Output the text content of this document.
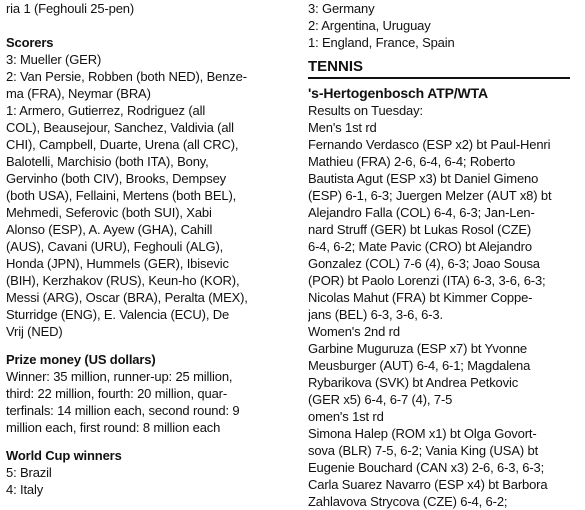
ria 1 (Feghouli 25-pen)
Scorers
3: Mueller (GER)
2: Van Persie, Robben (both NED), Benze-
ma (FRA), Neymar (BRA)
1: Armero, Gutierrez, Rodriguez (all
COL), Beausejour, Sanchez, Valdivia (all
CHI), Campbell, Duarte, Urena (all CRC),
Balotelli, Marchisio (both ITA), Bony,
Gervinho (both CIV), Brooks, Dempsey
(both USA), Fellaini, Mertens (both BEL),
Mehmedi, Seferovic (both SUI), Xabi
Alonso (ESP), A. Ayew (GHA), Cahill
(AUS), Cavani (URU), Feghouli (ALG),
Honda (JPN), Hummels (GER), Ibisevic
(BIH), Kerzhakov (RUS), Keun-ho (KOR),
Messi (ARG), Oscar (BRA), Peralta (MEX),
Sturridge (ENG), E. Valencia (ECU), De
Vrij (NED)
Prize money (US dollars)
Winner: 35 million, runner-up: 25 million,
third: 22 million, fourth: 20 million, quar-
terfinals: 14 million each, second round: 9
million each, first round: 8 million each
World Cup winners
5: Brazil
4: Italy
3: Germany
2: Argentina, Uruguay
1: England, France, Spain
TENNIS
's-Hertogenbosch ATP/WTA
Results on Tuesday:
Men's 1st rd
Fernando Verdasco (ESP x2) bt Paul-Henri
Mathieu (FRA) 2-6, 6-4, 6-4; Roberto
Bautista Agut (ESP x3) bt Daniel Gimeno
(ESP) 6-1, 6-3; Juergen Melzer (AUT x8) bt
Alejandro Falla (COL) 6-4, 6-3; Jan-Len-
nard Struff (GER) bt Lukas Rosol (CZE)
6-4, 6-2; Mate Pavic (CRO) bt Alejandro
Gonzalez (COL) 7-6 (4), 6-3; Joao Sousa
(POR) bt Paolo Lorenzi (ITA) 6-3, 3-6, 6-3;
Nicolas Mahut (FRA) bt Kimmer Coppe-
jans (BEL) 6-3, 3-6, 6-3.
Women's 2nd rd
Garbine Muguruza (ESP x7) bt Yvonne
Meusburger (AUT) 6-4, 6-1; Magdalena
Rybarikova (SVK) bt Andrea Petkovic
(GER x5) 6-4, 6-7 (4), 7-5
omen's 1st rd
Simona Halep (ROM x1) bt Olga Govort-
sova (BLR) 7-5, 6-2; Vania King (USA) bt
Eugenie Bouchard (CAN x3) 2-6, 6-3, 6-3;
Carla Suarez Navarro (ESP x4) bt Barbora
Zahlavova Strycova (CZE) 6-4, 6-2;
